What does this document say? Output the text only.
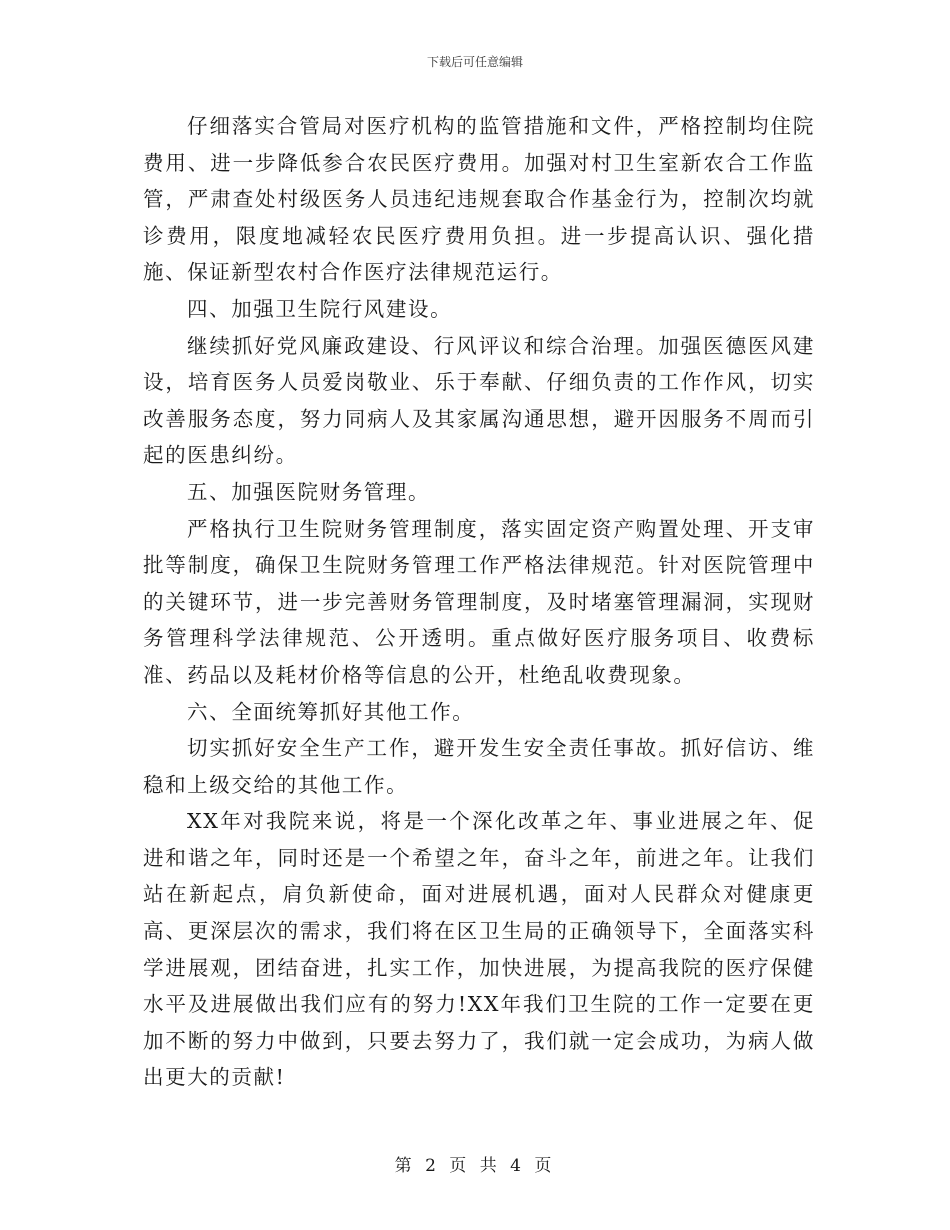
下载后可任意编辑

仔细落实合管局对医疗机构的监管措施和文件，严格控制均住院费用、进一步降低参合农民医疗费用。加强对村卫生室新农合工作监管，严肃查处村级医务人员违纪违规套取合作基金行为，控制次均就诊费用，限度地减轻农民医疗费用负担。进一步提高认识、强化措施、保证新型农村合作医疗法律规范运行。

四、加强卫生院行风建设。

继续抓好党风廉政建设、行风评议和综合治理。加强医德医风建设，培育医务人员爱岗敬业、乐于奉献、仔细负责的工作作风，切实改善服务态度，努力同病人及其家属沟通思想，避开因服务不周而引起的医患纠纷。

五、加强医院财务管理。

严格执行卫生院财务管理制度，落实固定资产购置处理、开支审批等制度，确保卫生院财务管理工作严格法律规范。针对医院管理中的关键环节，进一步完善财务管理制度，及时堵塞管理漏洞，实现财务管理科学法律规范、公开透明。重点做好医疗服务项目、收费标准、药品以及耗材价格等信息的公开，杜绝乱收费现象。

六、全面统筹抓好其他工作。

切实抓好安全生产工作，避开发生安全责任事故。抓好信访、维稳和上级交给的其他工作。

XX年对我院来说，将是一个深化改革之年、事业进展之年、促进和谐之年，同时还是一个希望之年，奋斗之年，前进之年。让我们站在新起点，肩负新使命，面对进展机遇，面对人民群众对健康更高、更深层次的需求，我们将在区卫生局的正确领导下，全面落实科学进展观，团结奋进，扎实工作，加快进展，为提高我院的医疗保健水平及进展做出我们应有的努力!XX年我们卫生院的工作一定要在更加不断的努力中做到，只要去努力了，我们就一定会成功，为病人做出更大的贡献!

第 2 页 共 4 页
